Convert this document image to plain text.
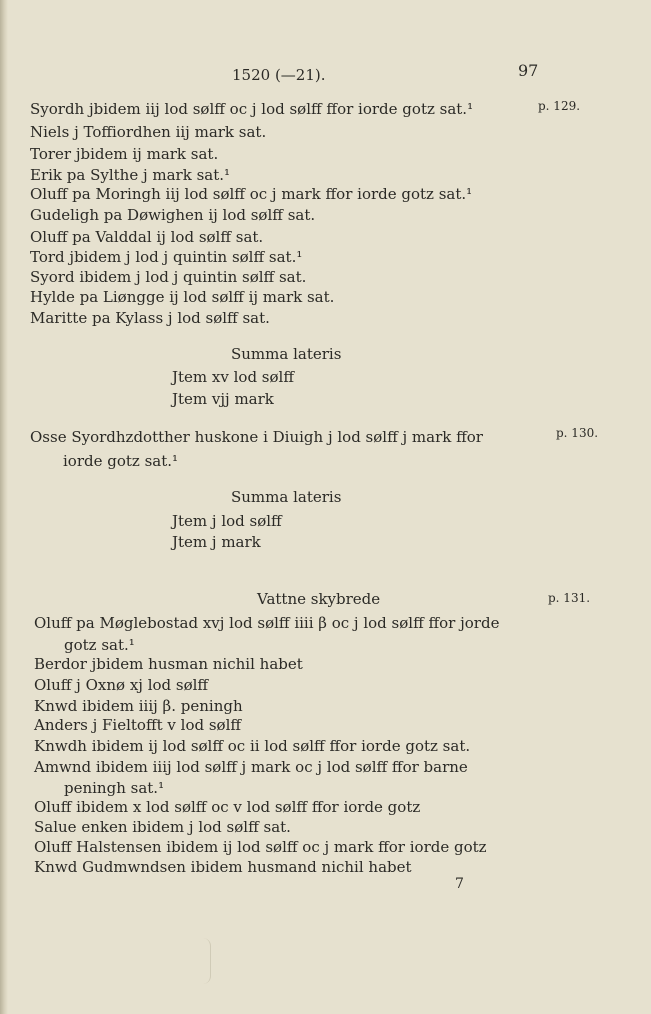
1520 (—21).	97
Syordh jbidem iij lod sølff oc j lod sølff ffor iorde gotz sat.¹	p. 129.
Niels j Toffiordhen iij mark sat.
Torer jbidem ij mark sat.
Erik pa Sylthe j mark sat.¹
Oluff pa Moringh iij lod sølff oc j mark ffor iorde gotz sat.¹
Gudeligh pa Døwighen ij lod sølff sat.
Oluff pa Valddal ij lod sølff sat.
Tord jbidem j lod j quintin sølff sat.¹
Syord ibidem j lod j quintin sølff sat.
Hylde pa Liøngge ij lod sølff ij mark sat.
Maritte pa Kylass j lod sølff sat.
Summa lateris
Jtem xv lod sølff
Jtem vjj mark
Osse Syordhzdotther huskone i Diuigh j lod sølff j mark ffor	p. 130.
iorde gotz sat.¹
Summa lateris
Jtem j lod sølff
Jtem j mark
Vattne skybrede	p. 131.
Oluff pa Møglebostad xvj lod sølff iiii β oc j lod sølff ffor jorde
gotz sat.¹
Berdor jbidem husman nichil habet
Oluff j Oxnø xj lod sølff
Knwd ibidem iiij β. peningh
Anders j Fieltofft v lod sølff
Knwdh ibidem ij lod sølff oc ii lod sølff ffor iorde gotz sat.
Amwnd ibidem iiij lod sølff j mark oc j lod sølff ffor barne
peningh sat.¹
Oluff ibidem x lod sølff oc v lod sølff ffor iorde gotz
Salue enken ibidem j lod sølff sat.
Oluff Halstensen ibidem ij lod sølff oc j mark ffor iorde gotz
Knwd Gudmwndsen ibidem husmand nichil habet
7
